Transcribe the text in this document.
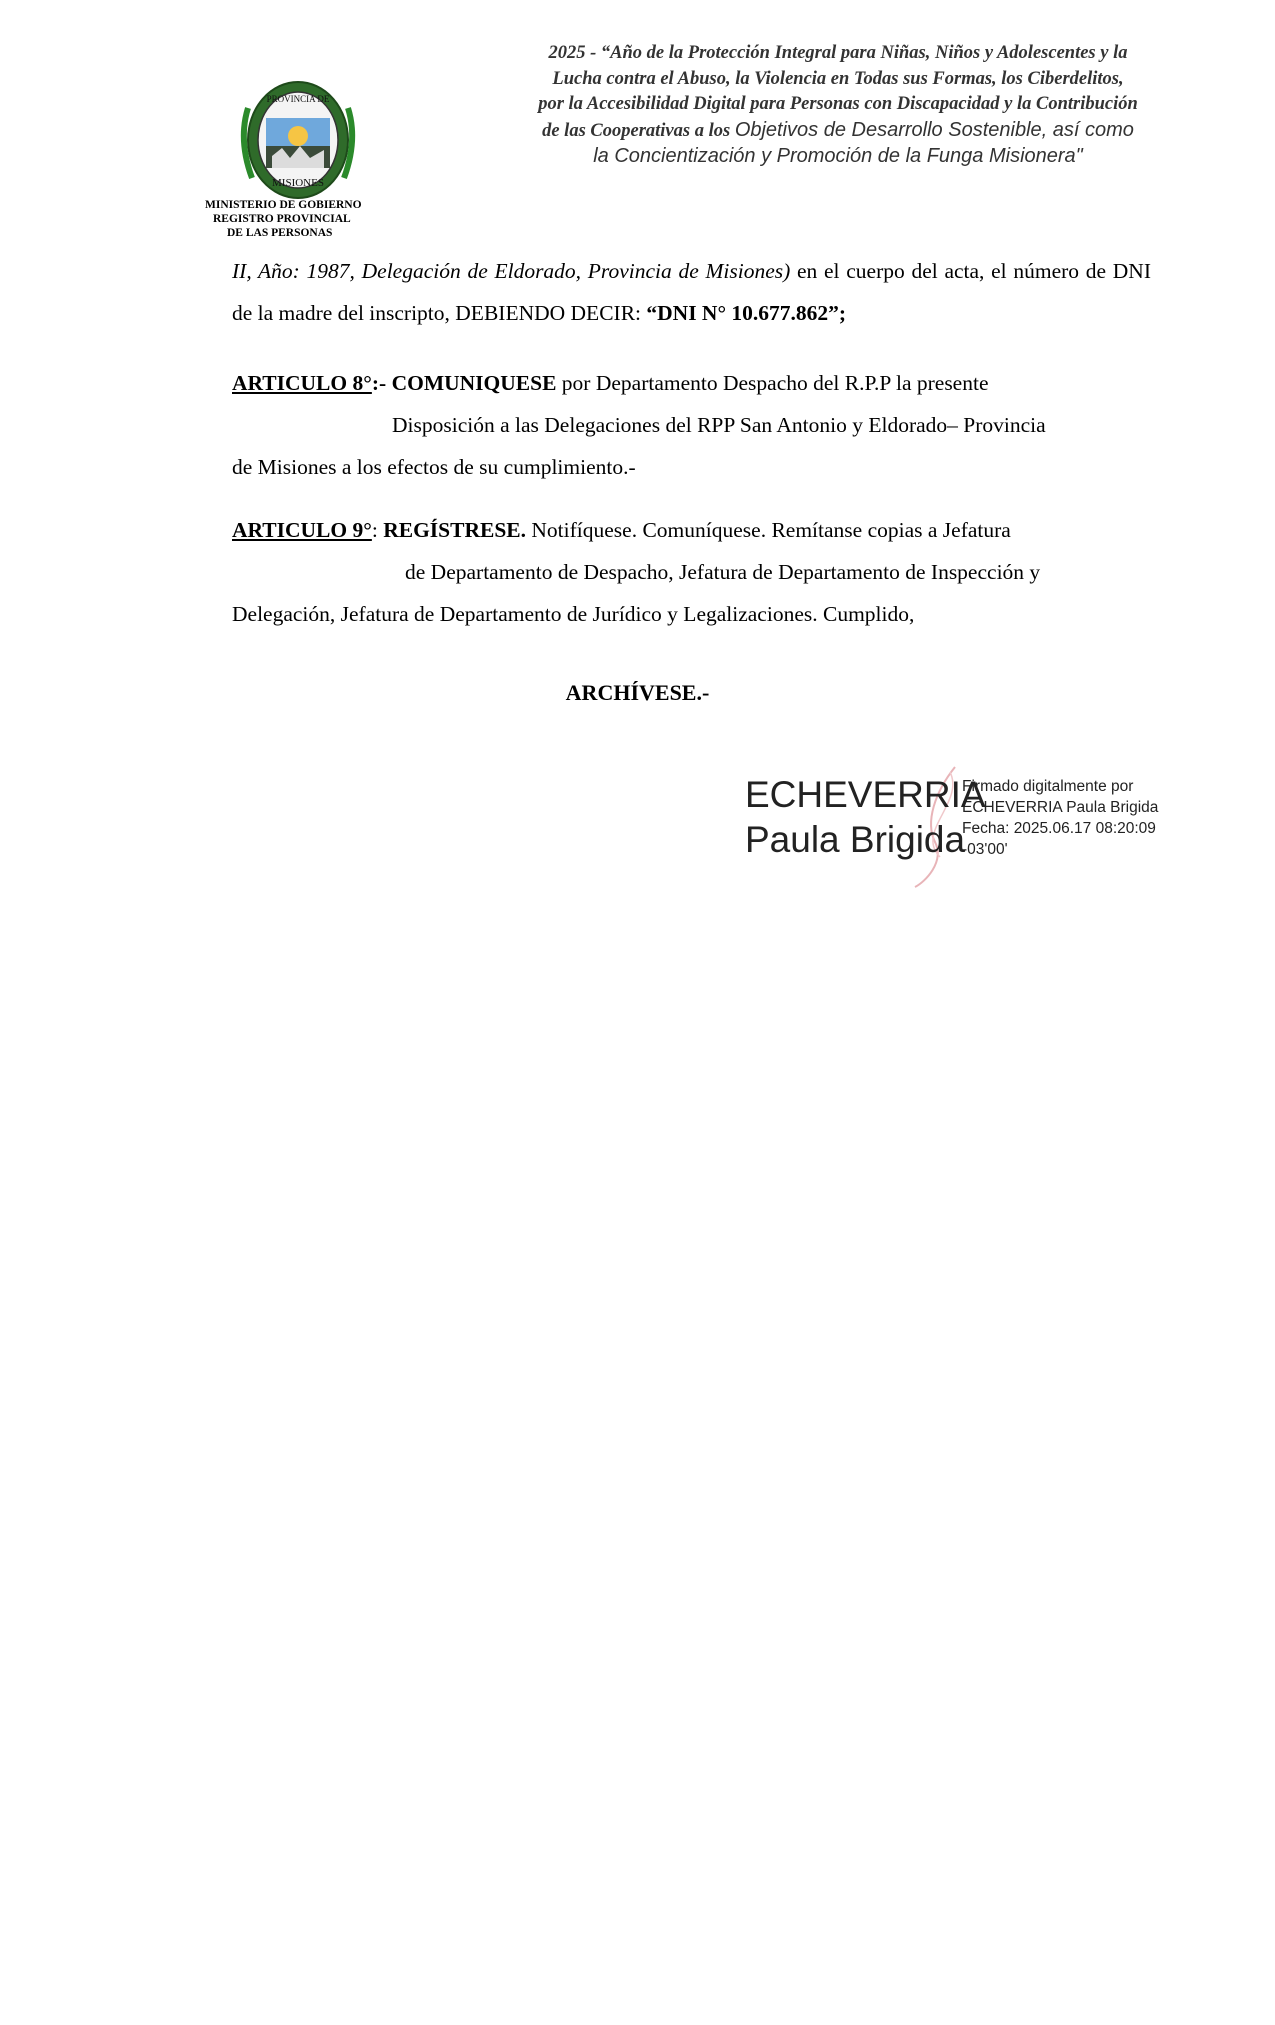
PROVINCIA DE
MISIONES
MINISTERIO DE GOBIERNO
REGISTRO PROVINCIAL
DE LAS PERSONAS
2025 - “Año de la Protección Integral para Niñas, Niños y Adolescentes y la
Lucha contra el Abuso, la Violencia en Todas sus Formas, los Ciberdelitos,
por la Accesibilidad Digital para Personas con Discapacidad y la Contribución
de las Cooperativas a los Objetivos de Desarrollo Sostenible, así como
la Concientización y Promoción de la Funga Misionera"
II, Año: 1987, Delegación de Eldorado, Provincia de Misiones) en el cuerpo del acta, el número de DNI de la madre del inscripto, DEBIENDO DECIR: “DNI N° 10.677.862”;
ARTICULO 8°:- COMUNIQUESE por Departamento Despacho del R.P.P la presente
Disposición a las Delegaciones del RPP San Antonio y Eldorado– Provincia
de Misiones a los efectos de su cumplimiento.-
ARTICULO 9°: REGÍSTRESE. Notifíquese. Comuníquese. Remítanse copias a Jefatura
de Departamento de Despacho, Jefatura de Departamento de Inspección y
Delegación, Jefatura de Departamento de Jurídico y Legalizaciones. Cumplido,
ARCHÍVESE.-
ECHEVERRIA
Paula Brigida
Firmado digitalmente por
ECHEVERRIA Paula Brigida
Fecha: 2025.06.17 08:20:09
-03'00'
